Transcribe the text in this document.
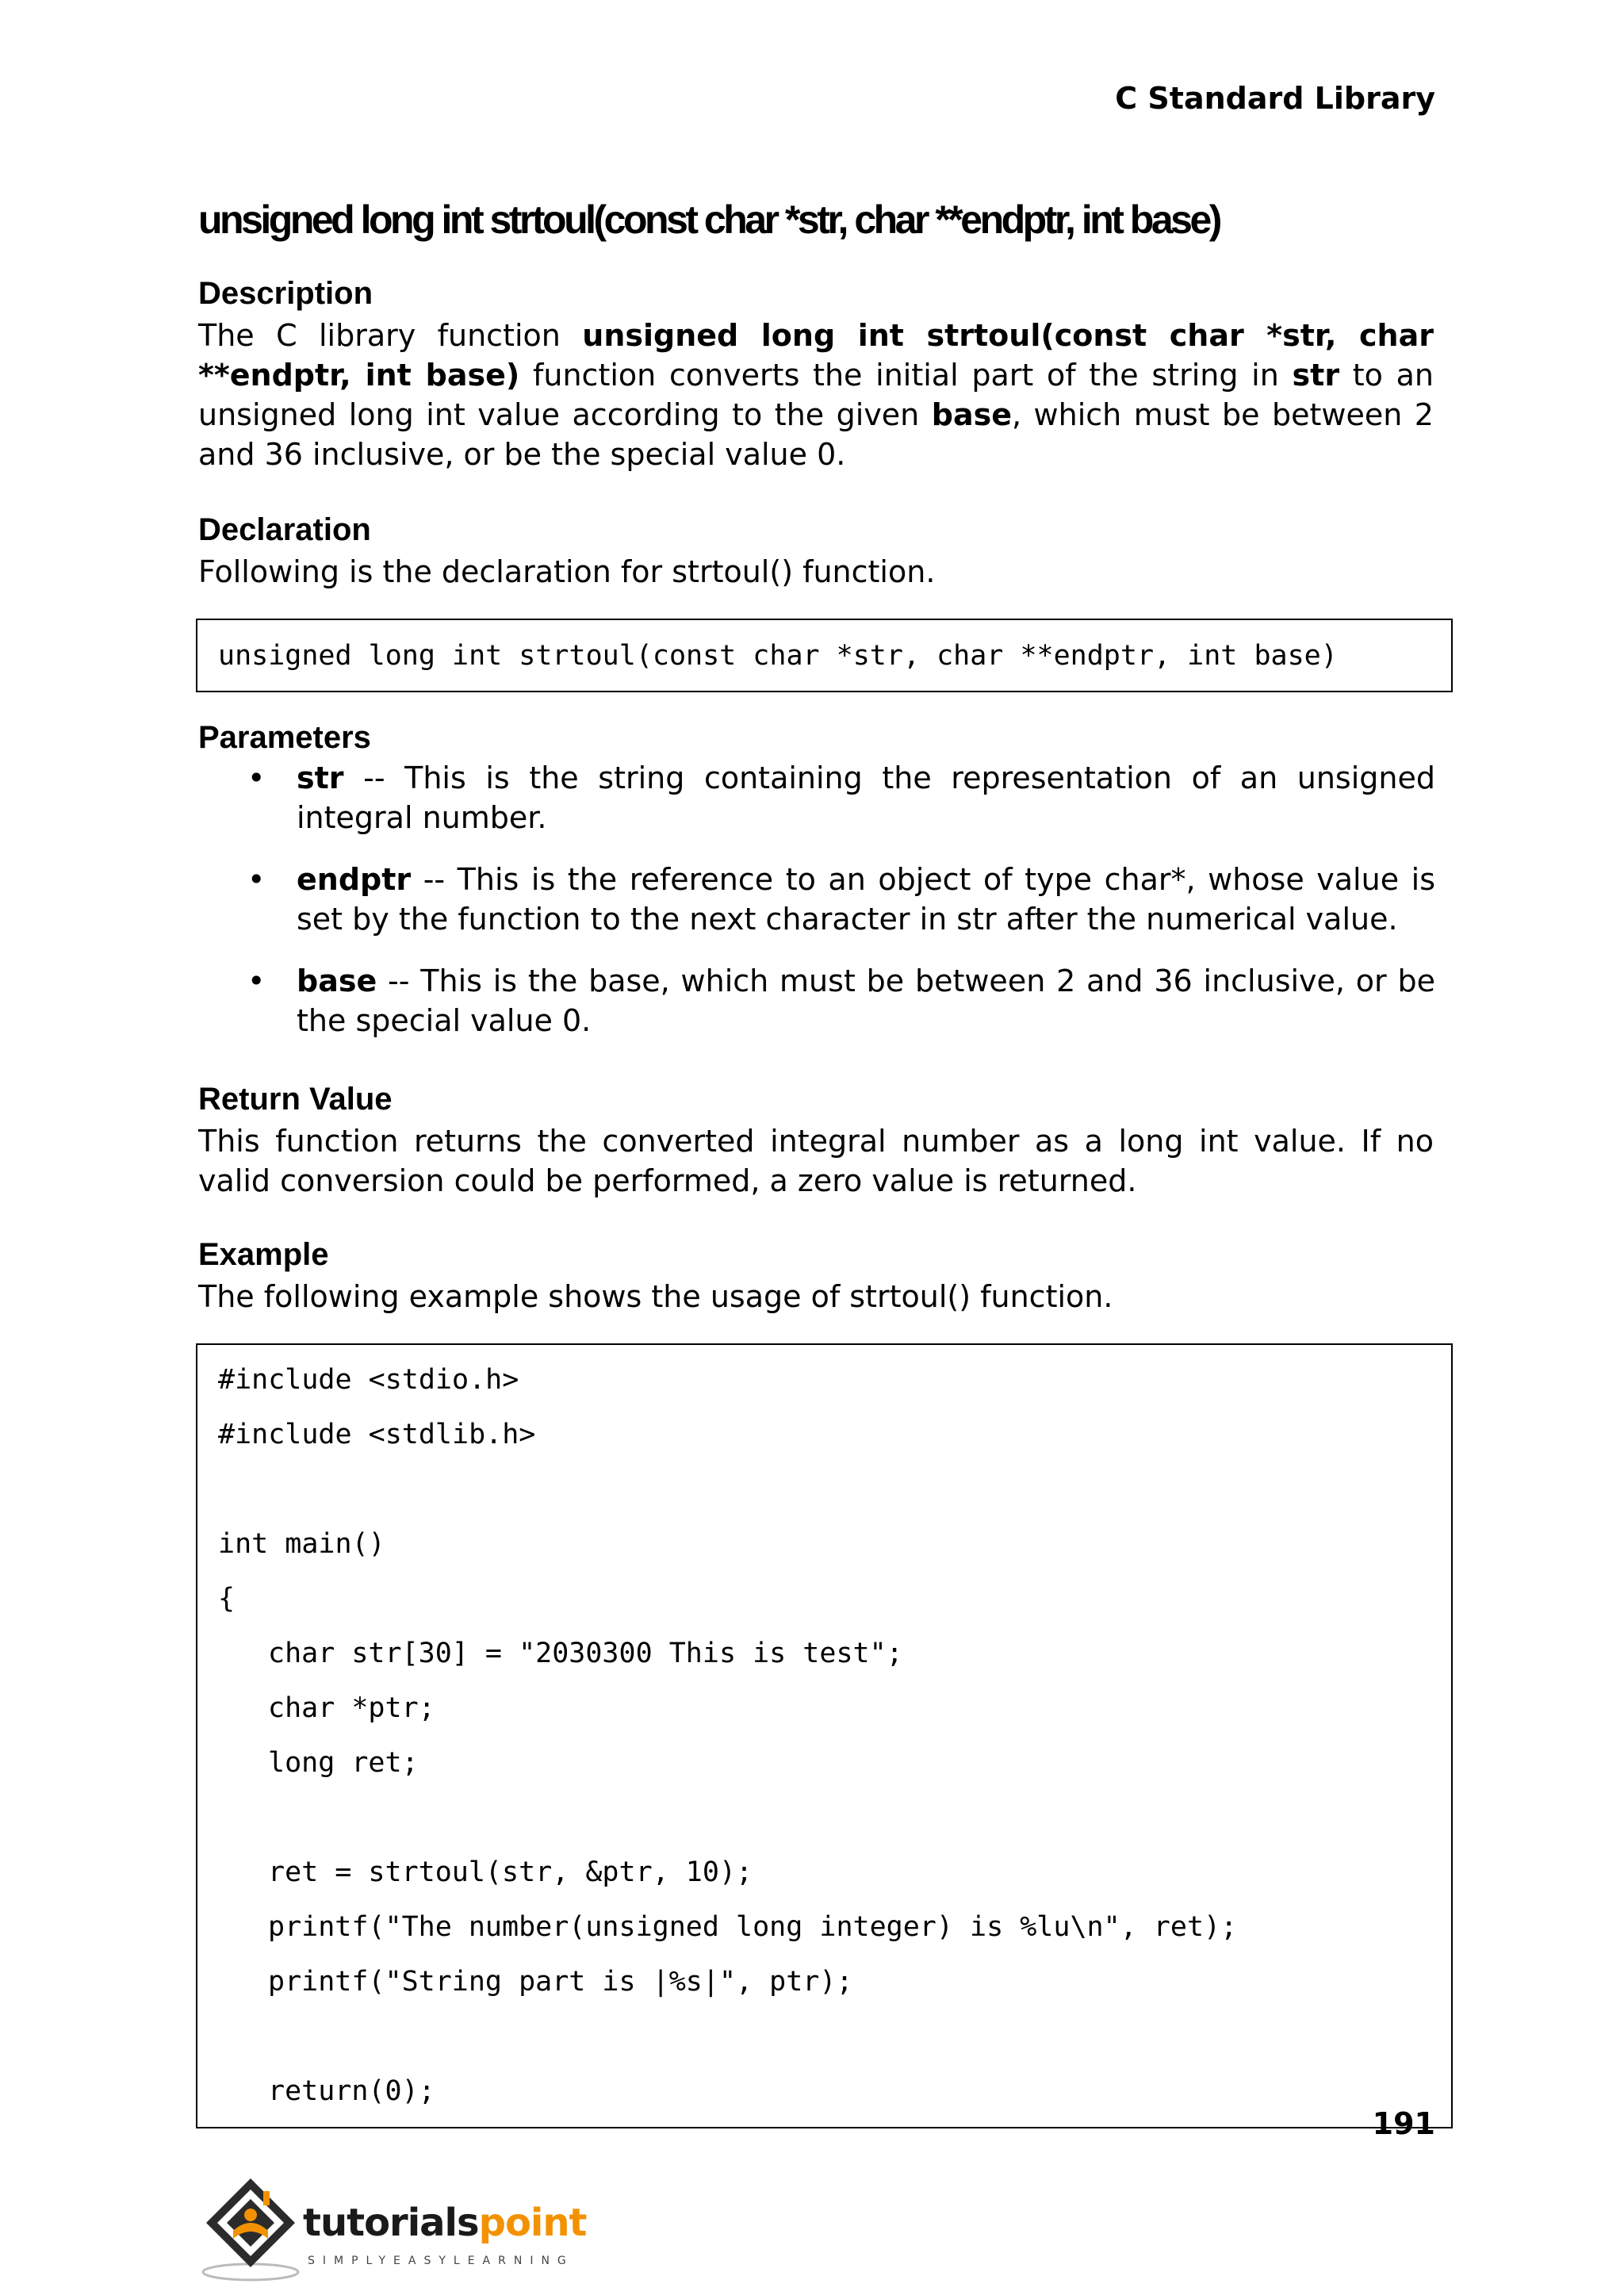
C Standard Library
unsigned long int strtoul(const char *str, char **endptr, int base)
Description

The C library function unsigned long int strtoul(const char *str, char **endptr, int base) function converts the initial part of the string in str to an unsigned long int value according to the given base, which must be between 2 and 36 inclusive, or be the special value 0.

Declaration

Following is the declaration for strtoul() function.

unsigned long int strtoul(const char *str, char **endptr, int base)
Parameters
• str -- This is the string containing the representation of an unsigned integral number.
• endptr -- This is the reference to an object of type char*, whose value is set by the function to the next character in str after the numerical value.
• base -- This is the base, which must be between 2 and 36 inclusive, or be the special value 0.
Return Value

This function returns the converted integral number as a long int value. If no valid conversion could be performed, a zero value is returned.

Example

The following example shows the usage of strtoul() function.

#include <stdio.h>
#include <stdlib.h>
int main()
{
char str[30] = "2030300 This is test";
char *ptr;
long ret;
ret = strtoul(str, &ptr, 10);
printf("The number(unsigned long integer) is %lu\n", ret);
printf("String part is |%s|", ptr);
return(0);
191
tutorialspoint
SIMPLYEASYLEARNING
